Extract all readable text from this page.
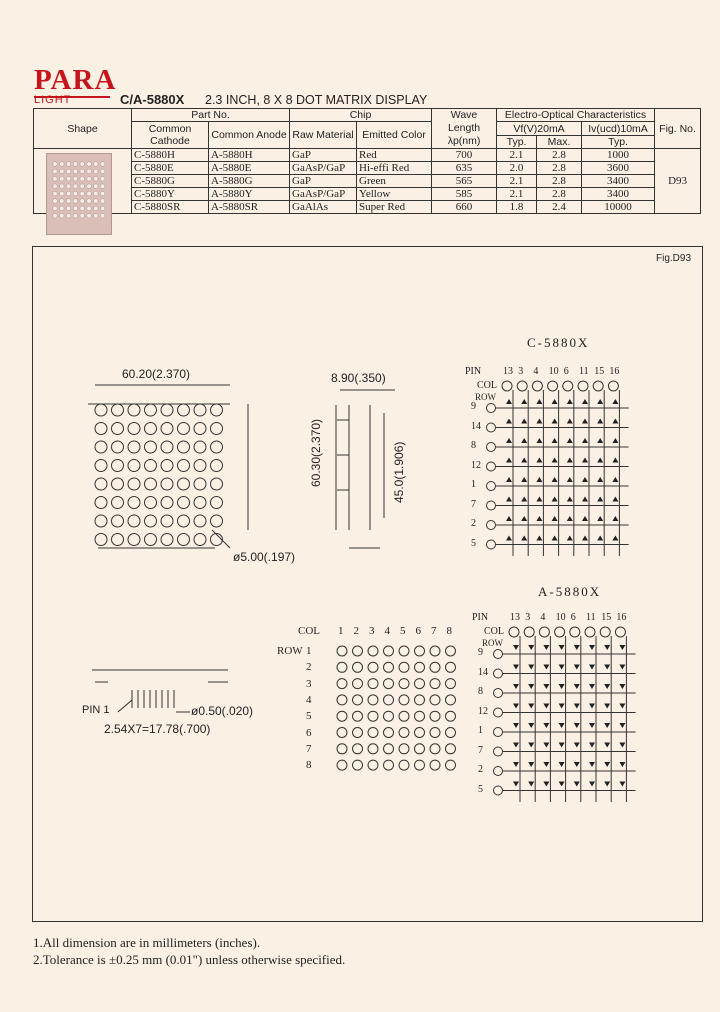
PARA
LIGHT	C/A-5880X 2.3 INCH, 8 X 8 DOT MATRIX DISPLAY
Shape	Part No.		Chip		Wave
Length
λp(nm)	Electro-Optical Characteristics			Fig. No.
	Common Cathode	Common Anode	Raw Material	Emitted Color		Vf(V)20mA		Iv(ucd)10mA	
						Typ.	Max.	Typ.	
	C-5880H	A-5880H	GaP	Red	700	2.1	2.8	1000	D93
	C-5880E	A-5880E	GaAsP/GaP	Hi-effi Red	635	2.0	2.8	3600	
	C-5880G	A-5880G	GaP	Green	565	2.1	2.8	3400	
	C-5880Y	A-5880Y	GaAsP/GaP	Yellow	585	2.1	2.8	3400	
	C-5880SR	A-5880SR	GaAlAs	Super Red	660	1.8	2.4	10000	
Fig.D93
60.20(2.370)	8.90(.350)
60.30(2.370)	45.0(1.906)
ø5.00(.197)
PIN 1	ø0.50(.020)
2.54X7=17.78(.700)
COL
ROW
1 2 3 4 5 6 7 8
1
2
3
4
5
6
7
8
C-5880X
A-5880X
PIN 13 3 4 10 6 11 15 16
COL
ROW
9
14
8
12
1
7
2
5
PIN 13 3 4 10 6 11 15 16
COL
ROW
9
14
8
12
1
7
2
5
1.All dimension are in millimeters (inches).
2.Tolerance is ±0.25 mm (0.01") unless otherwise specified.
